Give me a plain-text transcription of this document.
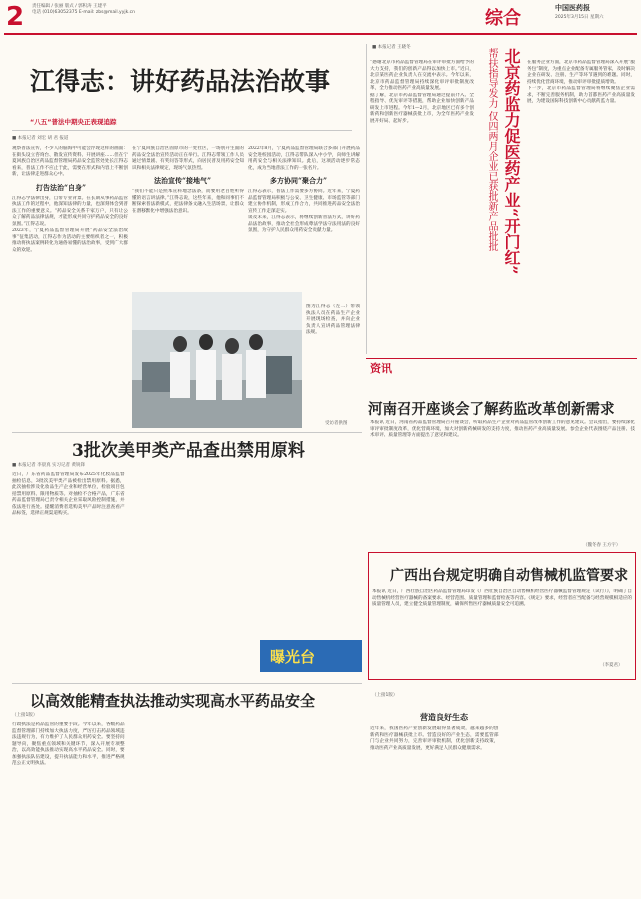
2	责任编辑 / 张丽 版式 / 郭积涛 王建平
电话 (010)63052375 E-mail: zbs@mail.yyjk.cn	综合
中国医药报
2025年3月15日 星期六
江得志：讲好药品法治故事
“八五”普法中期央正表现追踪
■ 本报记者 刘宏 胡 君 报道

观察普法宣传，不少人的脑海中可能会浮现这样的画面：在街头设立咨询台、散发宣传资料、开展讲座……但在宁夏回族自治区药品监督管理局药品安全监管处处长江得志看来，普法工作不应止于此，需要在形式和内容上不断创新，让法律走进群众心中。

打告法治“自身”

江得志学法律出身，自带专业背景。在长期从事药品监管执法工作的过程中，他深知法律的力量，也深刻体会到普法工作的重要意义。“药品安全关系千家万户，只有让公众了解药品法律法规，才能形成共同守护药品安全的良好氛围。”江得志说。

2023年，宁夏药品监督管理局开展“药品安全法治故事”征集活动，江得志作为活动的主要组织者之一，积极推动将执法案例转化为通俗易懂的法治故事，受到广大群众的欢迎。

在宁夏回族自治区固原市的一处社区，一场别开生面的药品安全法治宣传活动正在举行。江得志带领工作人员通过情景剧、有奖问答等形式，向居民普及用药安全知识和相关法律规定，现场气氛热烈。

法治宣传“接地气”

“我们不能只是照本宣科地念法条，而要用老百姓听得懂的语言讲法律。”江得志说，这些年来，他和同事们不断探索普法新模式，把法律条文融入生活场景，让群众在潜移默化中增强法治意识。

2022年8月，宁夏药品监督管理局联合多部门开展药品安全进校园活动，江得志带队深入中小学，向师生讲解用药安全与相关法律知识。此后，这项活动逐步常态化，成为当地普法工作的一张名片。

多方协同“聚合力”

江得志表示，普法工作需要多方协同。近年来，宁夏药品监督管理局积极与公安、卫生健康、市场监管等部门建立协作机制，形成工作合力，共同推进药品安全法治宣传工作走深走实。

谈及未来，江得志表示，将继续创新普法方式，讲好药品法治故事，推动全社会形成尊法学法守法用法的良好氛围，为守护人民群众用药安全贡献力量。

图为江得志（左二）带领执法人员在药品生产企业开展现场检查，并向企业负责人宣讲药品管理法律法规。

受访者供图
■ 本报记者 王晓冬

“感谢北京市药品监督管理局在审评审批方面给予的大力支持，我们的创新产品得以加快上市。”近日，北京某医药企业负责人在交流中表示。今年以来，北京市药品监督管理局持续深化审评审批制度改革，全力推动医药产业高质量发展。

据了解，北京市药品监督管理局通过提前介入、全程指导、优先审评等措施，帮助企业加快创新产品研发上市进程。今年1—2月，北京地区已有多个创新药和创新医疗器械获批上市，为全年医药产业发展开好局、起好步。	帮扶指导发力 仅四两月企业已获批新产品批批 北京药监力促医药产业“开门红”	在服务企业方面，北京市药品监督管理局深入开展“服务包”制度，为重点企业配备专属服务管家，及时解决企业在研发、注册、生产等环节遇到的难题。同时，持续优化营商环境，推动审评审批提质增效。

下一步，北京市药品监督管理局将继续聚焦企业需求，不断完善服务机制，助力首都医药产业高质量发展，为建设国际科技创新中心贡献药监力量。

资讯
河南召开座谈会了解药监改革创新需求

本报讯 近日，河南省药品监督管理局召开座谈会，听取药品生产企业对药品监管改革创新工作的意见建议。会议指出，要持续深化审评审批制度改革，优化营商环境，加大对创新药械研发的支持力度，推动医药产业高质量发展。参会企业代表围绕产品注册、技术审评、质量管理等方面提出了意见和建议。

（魏冬春 王方宇）
广西出台规定明确自动售械机监管要求

本报讯 近日，广西壮族自治区药品监督管理局印发《广西壮族自治区自动售械机经营医疗器械监督管理规定（试行）》，明确了自动售械机经营医疗器械的备案要求、经营范围、质量管理和监督检查等内容。《规定》要求，经营者应当配备与经营规模相适应的质量管理人员，建立健全质量管理制度，确保所售医疗器械质量安全可追溯。

（李夏君）
3批次美甲类产品查出禁用原料
■ 本报记者 李晨真 实习记者 黄锐锋

近日，广东省药品监督管理局发布2025年化妆品监督抽检信息，3批次美甲类产品被检出禁用原料。据悉，此次抽检涉及化妆品生产企业和经营单位，检验项目包括禁用原料、限用物质等。对抽检不合格产品，广东省药品监督管理局已责令相关企业采取风险控制措施，并依法进行查处。提醒消费者选购美甲产品时注意查看产品标签，选择正规渠道购买。

曝光台
以高效能精查执法推动实现高水平药品安全
（上接1版）

行政执法是药品监管的重要手段。今年以来，各级药品监督管理部门持续加大执法力度，严厉打击药品领域违法违规行为，有力维护了人民群众用药安全。要坚持问题导向，聚焦重点领域和关键环节，深入开展专项整治，以高效能执法推动实现高水平药品安全。同时，要加强执法队伍建设，提升执法能力和水平，推进严格规范公正文明执法。

（上接1版）
营造良好生态

近年来，我国医药产业创新发展取得显著成效，越来越多的创新药和医疗器械获批上市。营造良好的产业生态，需要监管部门与企业共同努力，完善审评审批机制，优化创新支持政策，推动医药产业高质量发展，更好满足人民群众健康需求。
